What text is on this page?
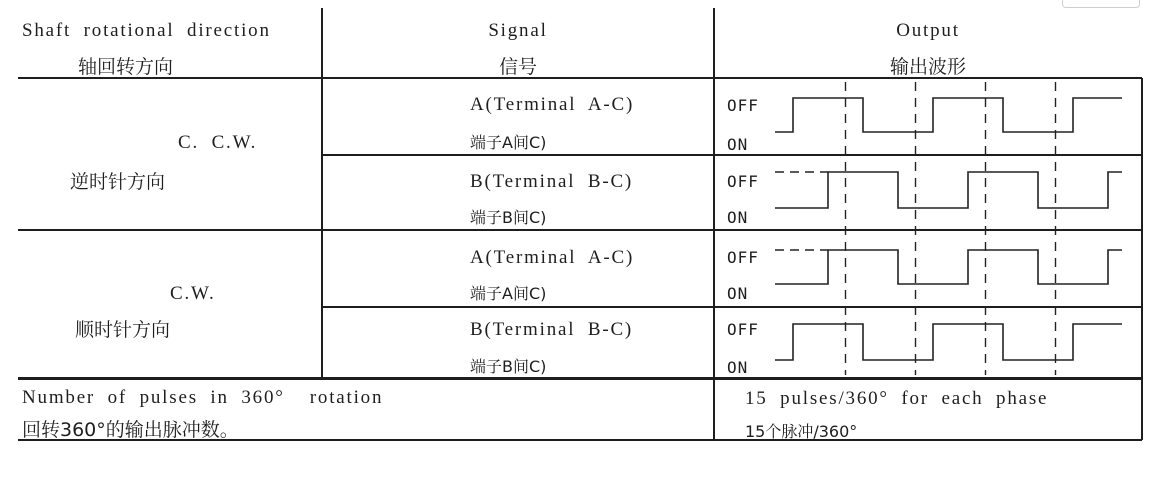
Shaft rotational direction
轴回转方向
Signal
信号
Output
输出波形
C. C.W.
逆时针方向
A(Terminal A-C)
端子A间C)
OFF
ON
B(Terminal B-C)
端子B间C)
OFF
ON
C.W.
顺时针方向
A(Terminal A-C)
端子A间C)
OFF
ON
B(Terminal B-C)
端子B间C)
OFF
ON
Number of pulses in 360°  rotation
回转360°的输出脉冲数。
15 pulses/360° for each phase
15个脉冲/360°
